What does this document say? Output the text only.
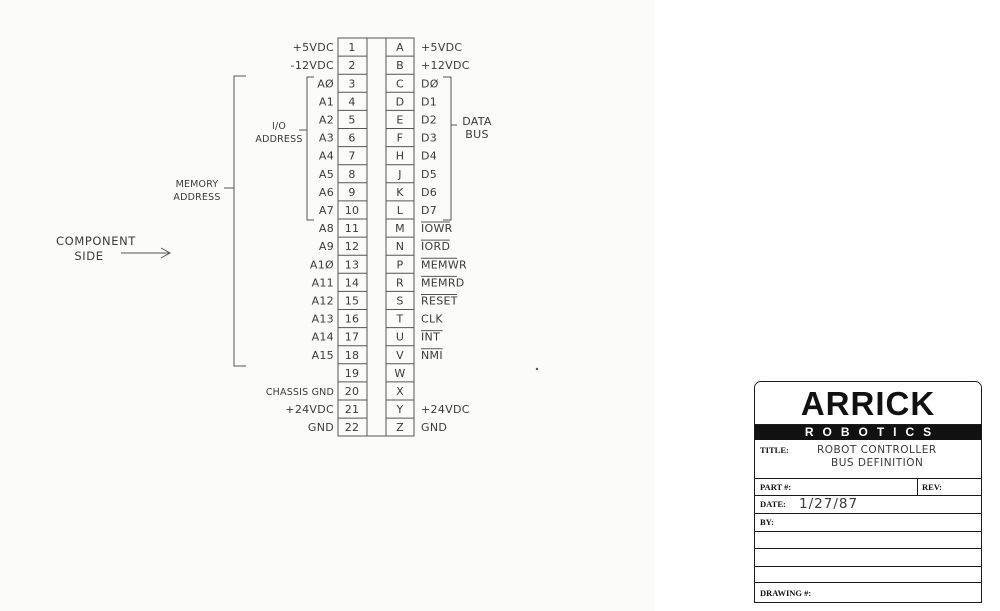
1
2
3
4
5
6
7
8
9
10
11
12
13
14
15
16
17
18
19
20
21
22
A
B
C
D
E
F
H
J
K
L
M
N
P
R
S
T
U
V
W
X
Y
Z
+5VDC
-12VDC
AØ
A1
A2
A3
A4
A5
A6
A7
A8
A9
A1Ø
A11
A12
A13
A14
A15
CHASSIS GND
+24VDC
GND
+5VDC
+12VDC
DØ
D1
D2
D3
D4
D5
D6
D7
IOWR
IORD
MEMWR
MEMRD
RESET
CLK
INT
NMI
+24VDC
GND
I/O
ADDRESS
MEMORY
ADDRESS
DATA
BUS
COMPONENT
SIDE
ARRICK
ROBOTICS
TITLE:	ROBOT CONTROLLER
BUS DEFINITION
PART #:	REV:
DATE: 1/27/87
BY:
DRAWING #:
